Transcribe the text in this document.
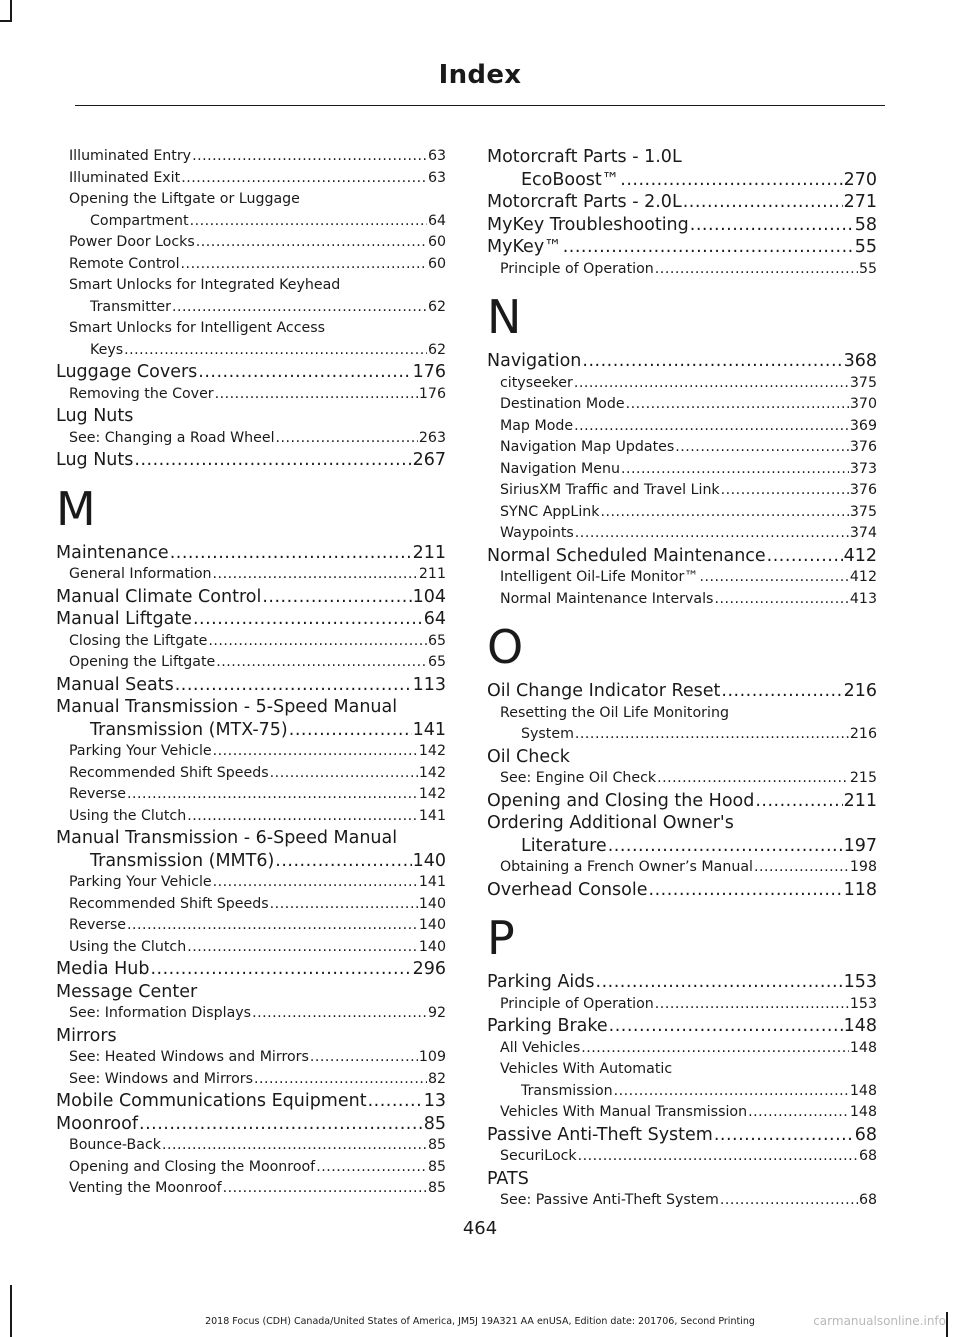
Index
Illuminated Entry .....	63
Illuminated Exit .....	63
Opening the Liftgate or Luggage
Compartment .....	64
Power Door Locks .....	60
Remote Control .....	60
Smart Unlocks for Integrated Keyhead
Transmitter .....	62
Smart Unlocks for Intelligent Access
Keys .....	62
Luggage Covers .....	176
Removing the Cover .....	176
Lug Nuts
See: Changing a Road Wheel .....	263
Lug Nuts .....	267
M
Maintenance .....	211
General Information .....	211
Manual Climate Control .....	104
Manual Liftgate .....	64
Closing the Liftgate .....	65
Opening the Liftgate .....	65
Manual Seats .....	113
Manual Transmission - 5-Speed Manual
Transmission (MTX-75) .....	141
Parking Your Vehicle .....	142
Recommended Shift Speeds .....	142
Reverse .....	142
Using the Clutch .....	141
Manual Transmission - 6-Speed Manual
Transmission (MMT6) .....	140
Parking Your Vehicle .....	141
Recommended Shift Speeds .....	140
Reverse .....	140
Using the Clutch .....	140
Media Hub .....	296
Message Center
See: Information Displays .....	92
Mirrors
See: Heated Windows and Mirrors .....	109
See: Windows and Mirrors .....	82
Mobile Communications Equipment .....	13
Moonroof .....	85
Bounce-Back .....	85
Opening and Closing the Moonroof .....	85
Venting the Moonroof .....	85
Motorcraft Parts - 1.0L
EcoBoost™ .....	270
Motorcraft Parts - 2.0L .....	271
MyKey Troubleshooting .....	58
MyKey™ .....	55
Principle of Operation .....	55
N
Navigation .....	368
cityseeker .....	375
Destination Mode .....	370
Map Mode .....	369
Navigation Map Updates .....	376
Navigation Menu .....	373
SiriusXM Traffic and Travel Link .....	376
SYNC AppLink .....	375
Waypoints .....	374
Normal Scheduled Maintenance .....	412
Intelligent Oil-Life Monitor™ .....	412
Normal Maintenance Intervals .....	413
O
Oil Change Indicator Reset .....	216
Resetting the Oil Life Monitoring
System .....	216
Oil Check
See: Engine Oil Check .....	215
Opening and Closing the Hood .....	211
Ordering Additional Owner's
Literature .....	197
Obtaining a French Owner’s Manual .....	198
Overhead Console .....	118
P
Parking Aids .....	153
Principle of Operation .....	153
Parking Brake .....	148
All Vehicles .....	148
Vehicles With Automatic
Transmission .....	148
Vehicles With Manual Transmission .....	148
Passive Anti-Theft System .....	68
SecuriLock .....	68
PATS
See: Passive Anti-Theft System .....	68
464
2018 Focus (CDH) Canada/United States of America, JM5J 19A321 AA enUSA, Edition date: 201706, Second Printing	carmanualsonline.info
